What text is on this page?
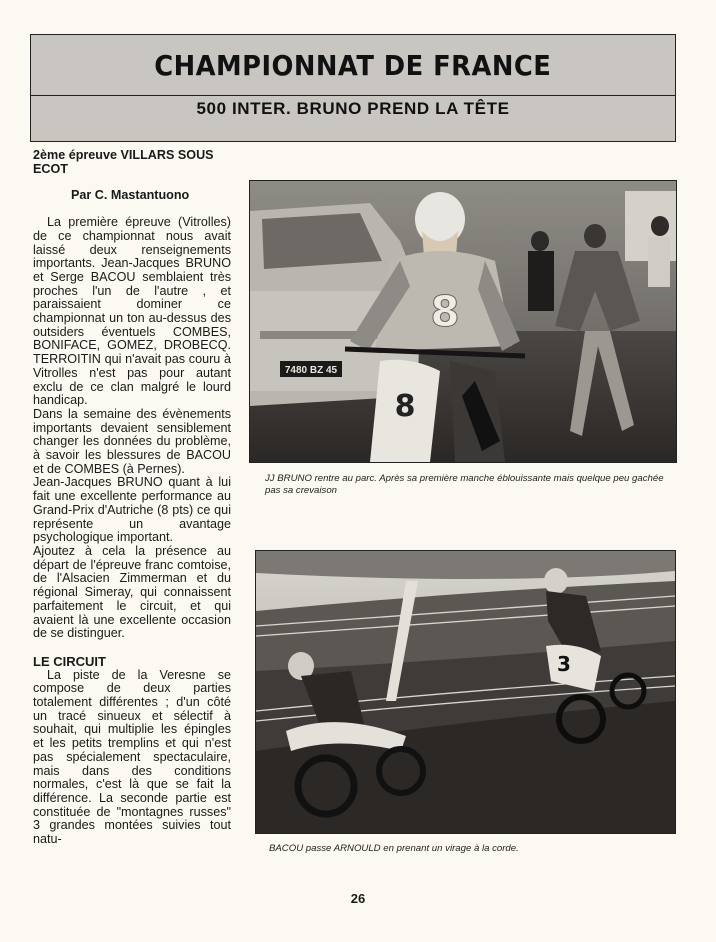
CHAMPIONNAT DE FRANCE
500 INTER. BRUNO PREND LA TÊTE

2ème épreuve VILLARS SOUS ECOT

Par C. Mastantuono

La première épreuve (Vitrolles) de ce championnat nous avait laissé deux renseignements importants. Jean-Jacques BRUNO et Serge BACOU semblaient très proches l'un de l'autre , et paraissaient dominer ce championnat un ton au-dessus des outsiders éventuels COMBES, BONIFACE, GOMEZ, DROBECQ. TERROITIN qui n'avait pas couru à Vitrolles n'est pas pour autant exclu de ce clan malgré le lourd handicap.

Dans la semaine des évènements importants devaient sensiblement changer les données du problème, à savoir les blessures de BACOU et de COMBES (à Pernes).

Jean-Jacques BRUNO quant à lui fait une excellente performance au Grand-Prix d'Autriche (8 pts) ce qui représente un avantage psychologique important.

Ajoutez à cela la présence au départ de l'épreuve franc comtoise, de l'Alsacien Zimmerman et du régional Simeray, qui connaissent parfaitement le circuit, et qui avaient là une excellente occasion de se distinguer.

LE CIRCUIT

La piste de la Veresne se compose de deux parties totalement différentes ; d'un côté un tracé sinueux et sélectif à souhait, qui multiplie les épingles et les petits tremplins et qui n'est pas spécialement spectaculaire, mais dans des conditions normales, c'est là que se fait la différence. La seconde partie est constituée de "montagnes russes" 3 grandes montées suivies tout natu-

7480 BZ 45
8
8
JJ BRUNO rentre au parc. Après sa première manche éblouissante mais quelque peu gachée pas sa crevaison
3
BACOU passe ARNOULD en prenant un virage à la corde.
26
